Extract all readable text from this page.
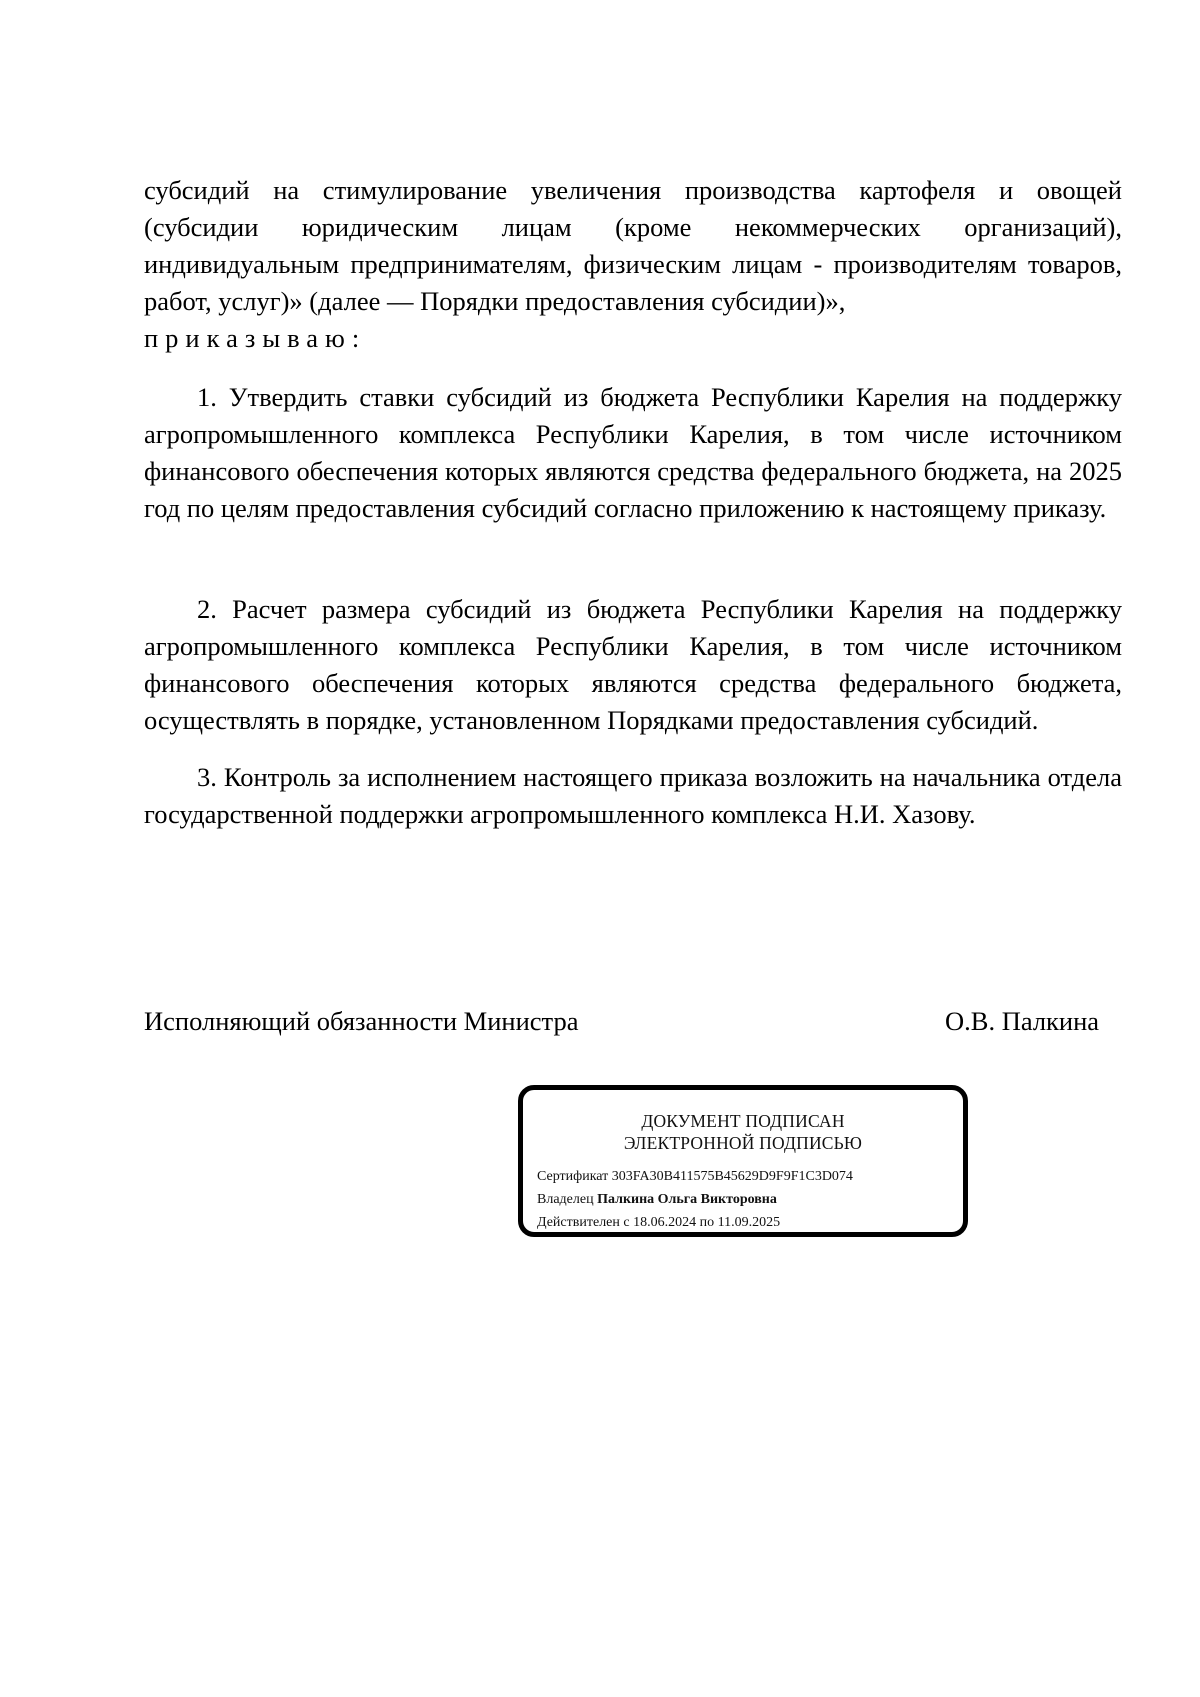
субсидий на стимулирование увеличения производства картофеля и овощей (субсидии юридическим лицам (кроме некоммерческих организаций), индивидуальным предпринимателям, физическим лицам - производителям товаров, работ, услуг)» (далее — Порядки предоставления субсидии)»,
приказываю:
1. Утвердить ставки субсидий из бюджета Республики Карелия на поддержку агропромышленного комплекса Республики Карелия, в том числе источником финансового обеспечения которых являются средства федерального бюджета, на 2025 год по целям предоставления субсидий согласно приложению к настоящему приказу.
2. Расчет размера субсидий из бюджета Республики Карелия на поддержку агропромышленного комплекса Республики Карелия, в том числе источником финансового обеспечения которых являются средства федерального бюджета, осуществлять в порядке, установленном Порядками предоставления субсидий.
3. Контроль за исполнением настоящего приказа возложить на начальника отдела государственной поддержки агропромышленного комплекса Н.И. Хазову.
Исполняющий обязанности Министра	О.В. Палкина
ДОКУМЕНТ ПОДПИСАН
ЭЛЕКТРОННОЙ ПОДПИСЬЮ
Сертификат 303FA30B411575B45629D9F9F1C3D074
Владелец Палкина Ольга Викторовна
Действителен с 18.06.2024 по 11.09.2025
